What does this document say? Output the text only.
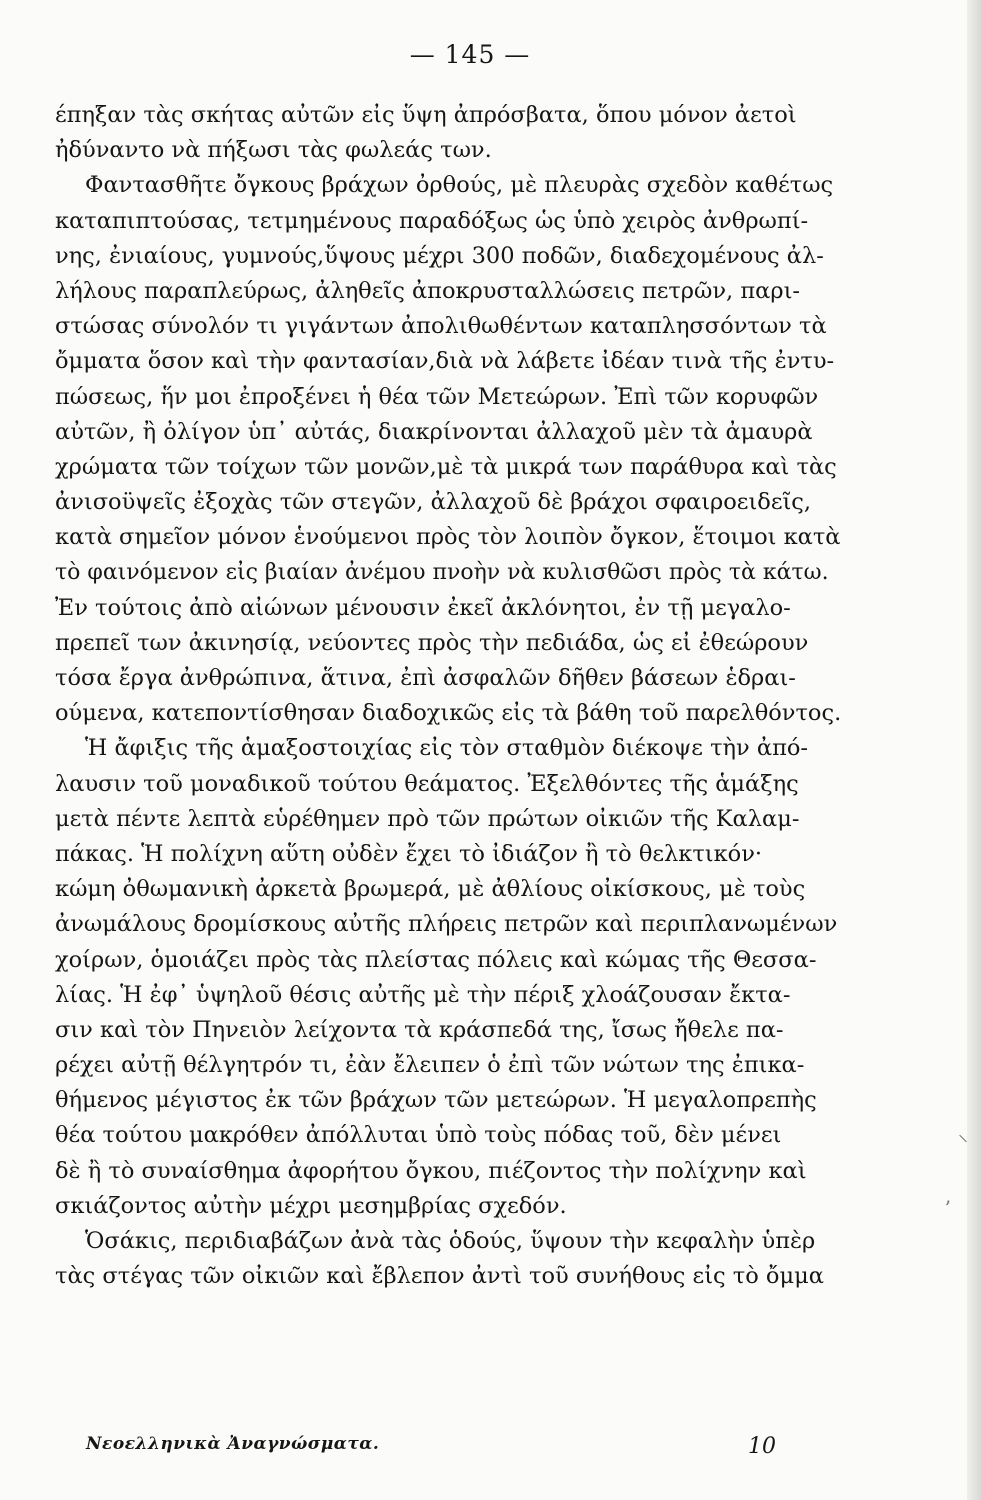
— 145 —
έπηξαν τὰς σκήτας αὐτῶν εἰς ὕψη ἀπρόσβατα, ὅπου μόνον ἀετοὶ
ἠδύναντο νὰ πήξωσι τὰς φωλεάς των.
Φαντασθῆτε ὄγκους βράχων ὀρθούς, μὲ πλευρὰς σχεδὸν καθέτως
καταπιπτούσας, τετμημένους παραδόξως ὡς ὑπὸ χειρὸς ἀνθρωπί-
νης, ἐνιαίους, γυμνούς,ὕψους μέχρι 300 ποδῶν, διαδεχομένους ἀλ-
λήλους παραπλεύρως, ἀληθεῖς ἀποκρυσταλλώσεις πετρῶν, παρι-
στώσας σύνολόν τι γιγάντων ἀπολιθωθέντων καταπλησσόντων τὰ
ὄμματα ὅσον καὶ τὴν φαντασίαν,διὰ νὰ λάβετε ἰδέαν τινὰ τῆς ἐντυ-
πώσεως, ἥν μοι ἐπροξένει ἡ θέα τῶν Μετεώρων. Ἐπὶ τῶν κορυφῶν
αὐτῶν, ἢ ὀλίγον ὑπ᾽ αὐτάς, διακρίνονται ἀλλαχοῦ μὲν τὰ ἀμαυρὰ
χρώματα τῶν τοίχων τῶν μονῶν,μὲ τὰ μικρά των παράθυρα καὶ τὰς
ἀνισοϋψεῖς ἐξοχὰς τῶν στεγῶν, ἀλλαχοῦ δὲ βράχοι σφαιροειδεῖς,
κατὰ σημεῖον μόνον ἑνούμενοι πρὸς τὸν λοιπὸν ὄγκον, ἕτοιμοι κατὰ
τὸ φαινόμενον εἰς βιαίαν ἀνέμου πνοὴν νὰ κυλισθῶσι πρὸς τὰ κάτω.
Ἐν τούτοις ἀπὸ αἰώνων μένουσιν ἐκεῖ ἀκλόνητοι, ἐν τῇ μεγαλο-
πρεπεῖ των ἀκινησίᾳ, νεύοντες πρὸς τὴν πεδιάδα, ὡς εἰ ἐθεώρουν
τόσα ἔργα ἀνθρώπινα, ἅτινα, ἐπὶ ἀσφαλῶν δῆθεν βάσεων ἑδραι-
ούμενα, κατεποντίσθησαν διαδοχικῶς εἰς τὰ βάθη τοῦ παρελθόντος.
Ἡ ἄφιξις τῆς ἁμαξοστοιχίας εἰς τὸν σταθμὸν διέκοψε τὴν ἀπό-
λαυσιν τοῦ μοναδικοῦ τούτου θεάματος. Ἐξελθόντες τῆς ἁμάξης
μετὰ πέντε λεπτὰ εὑρέθημεν πρὸ τῶν πρώτων οἰκιῶν τῆς Καλαμ-
πάκας. Ἡ πολίχνη αὕτη οὐδὲν ἔχει τὸ ἰδιάζον ἢ τὸ θελκτικόν·
κώμη ὀθωμανικὴ ἀρκετὰ βρωμερά, μὲ ἀθλίους οἰκίσκους, μὲ τοὺς
ἀνωμάλους δρομίσκους αὐτῆς πλήρεις πετρῶν καὶ περιπλανωμένων
χοίρων, ὁμοιάζει πρὸς τὰς πλείστας πόλεις καὶ κώμας τῆς Θεσσα-
λίας. Ἡ ἐφ᾽ ὑψηλοῦ θέσις αὐτῆς μὲ τὴν πέριξ χλοάζουσαν ἔκτα-
σιν καὶ τὸν Πηνειὸν λείχοντα τὰ κράσπεδά της, ἴσως ἤθελε πα-
ρέχει αὐτῇ θέλγητρόν τι, ἐὰν ἔλειπεν ὁ ἐπὶ τῶν νώτων της ἐπικα-
θήμενος μέγιστος ἐκ τῶν βράχων τῶν μετεώρων. Ἡ μεγαλοπρεπὴς
θέα τούτου μακρόθεν ἀπόλλυται ὑπὸ τοὺς πόδας τοῦ, δὲν μένει
δὲ ἢ τὸ συναίσθημα ἀφορήτου ὄγκου, πιέζοντος τὴν πολίχνην καὶ
σκιάζοντος αὐτὴν μέχρι μεσημβρίας σχεδόν.
Ὁσάκις, περιδιαβάζων ἀνὰ τὰς ὁδούς, ὕψουν τὴν κεφαλὴν ὑπὲρ
τὰς στέγας τῶν οἰκιῶν καὶ ἔβλεπον ἀντὶ τοῦ συνήθους εἰς τὸ ὄμμα
Νεοελληνικὰ Ἀναγνώσματα.	10
⸌
ʼ
